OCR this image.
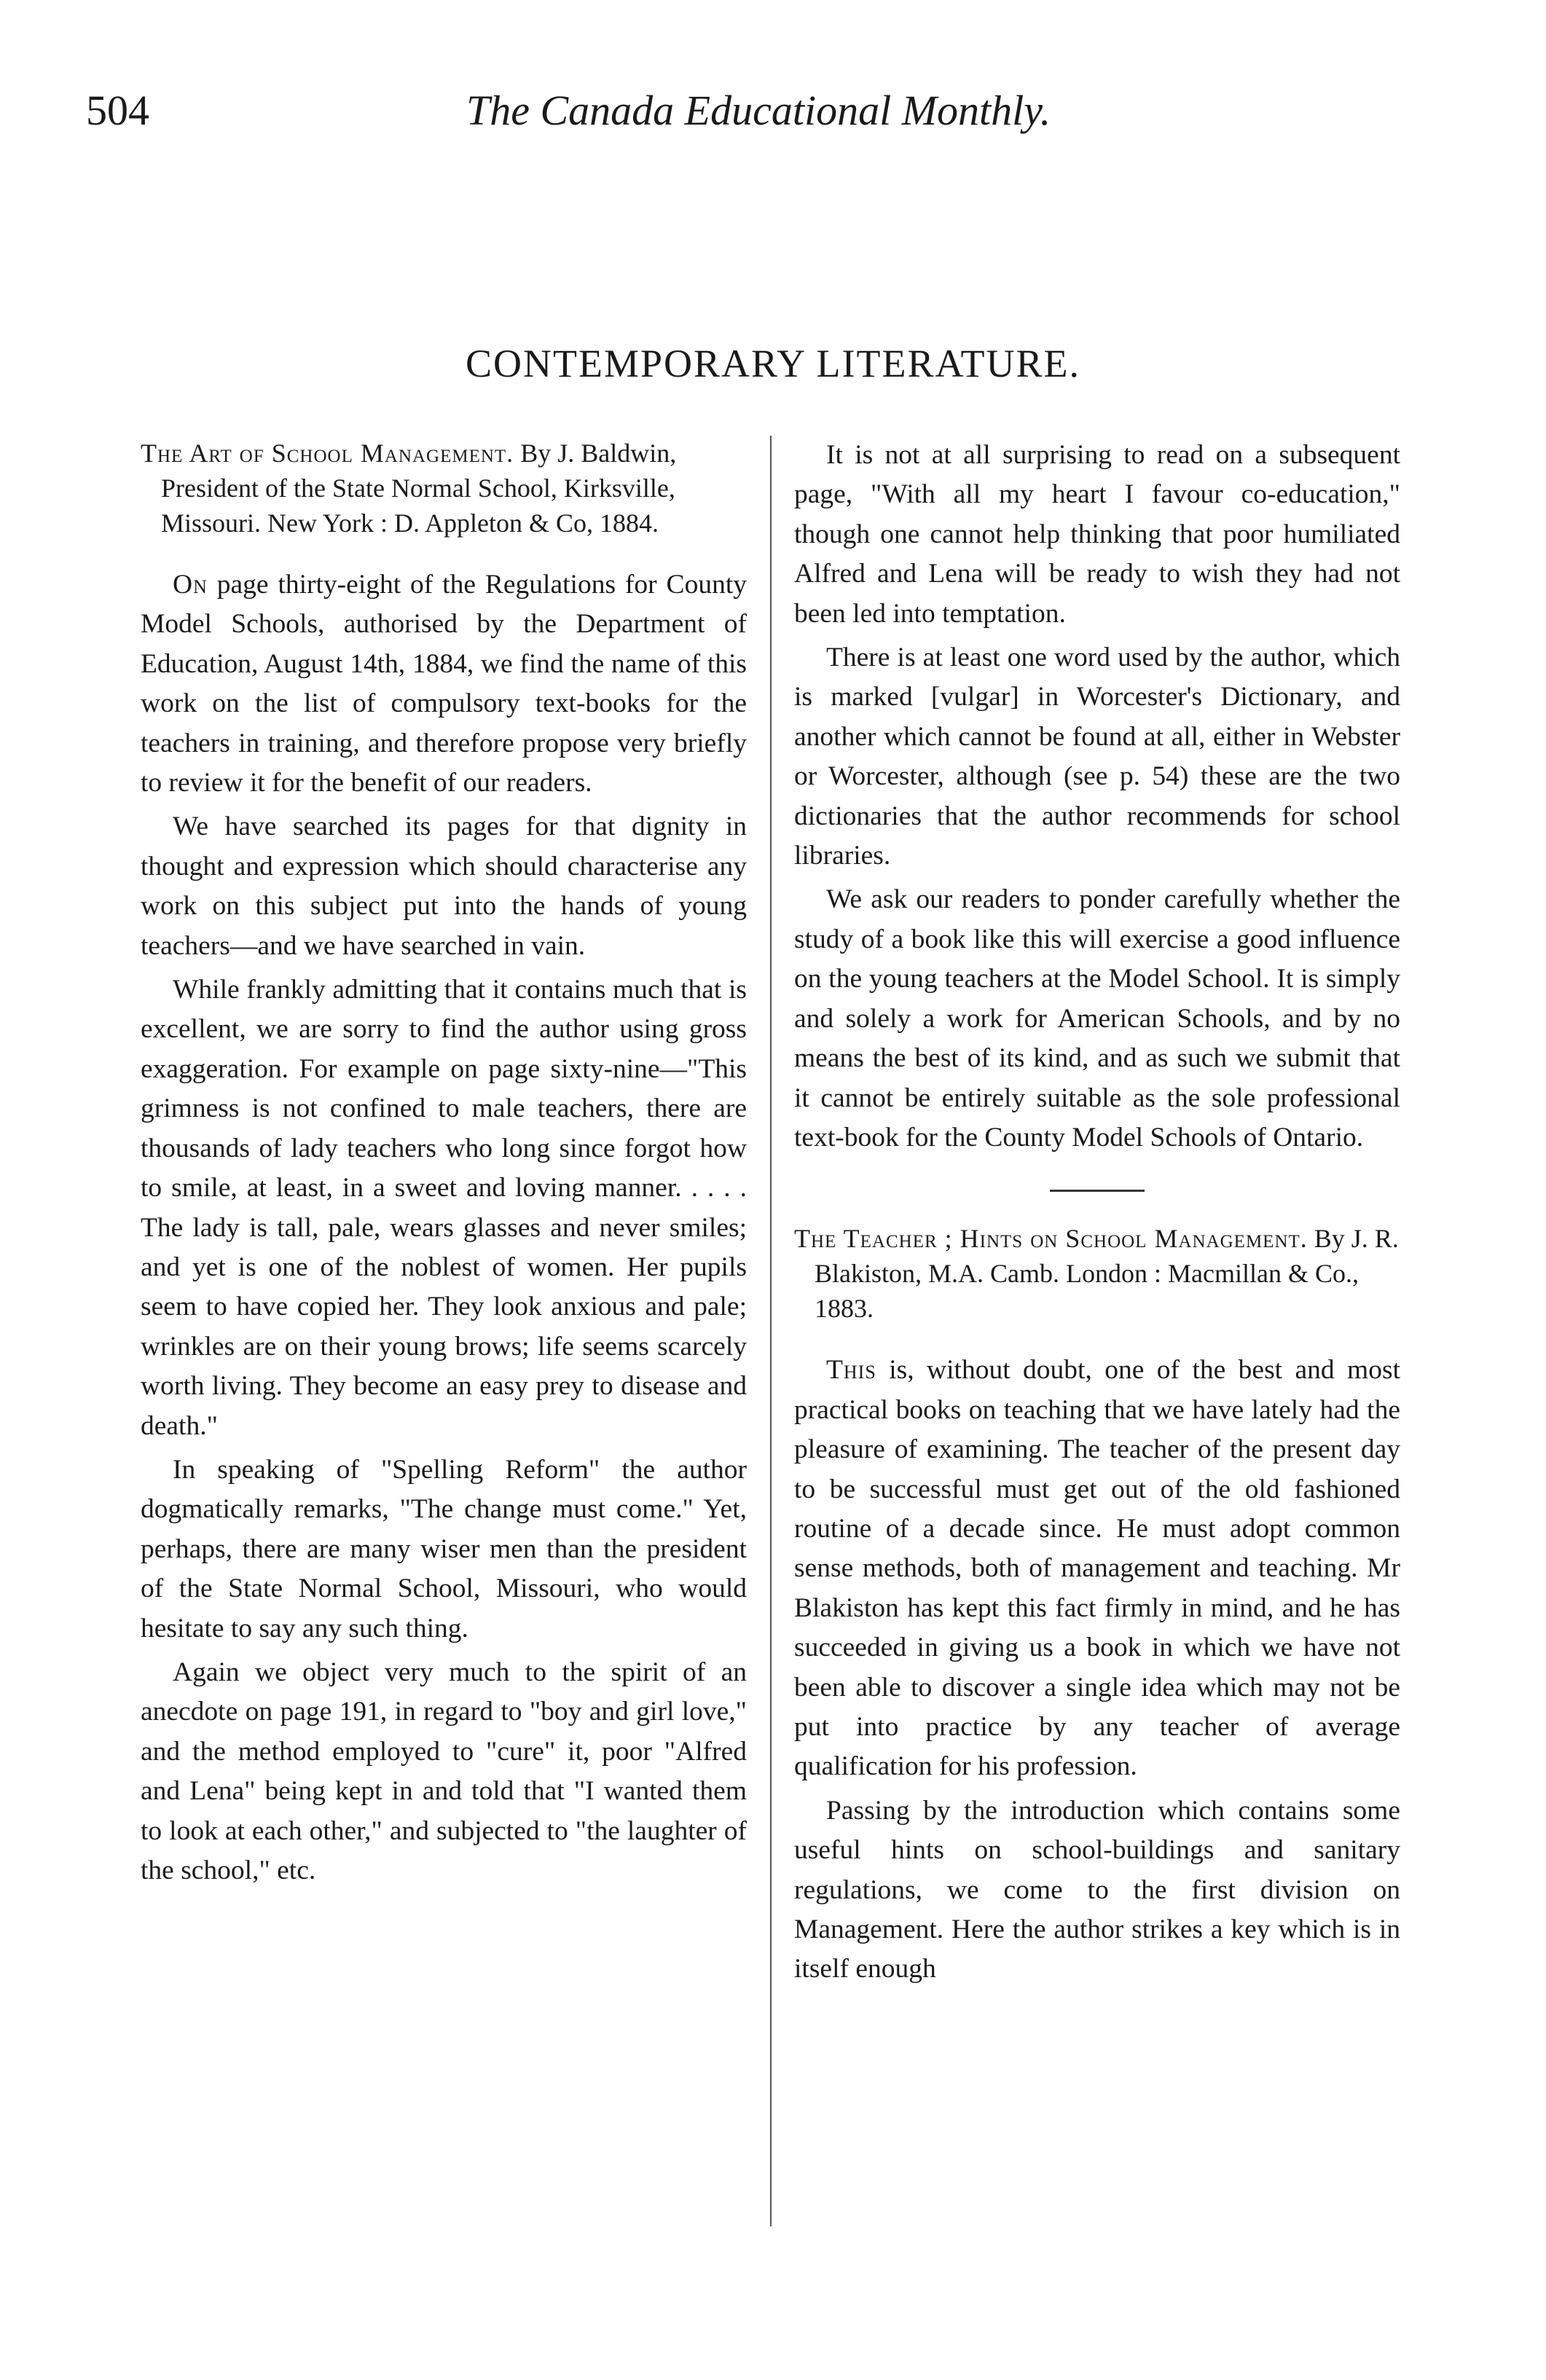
504	The Canada Educational Monthly.
CONTEMPORARY LITERATURE.
The Art of School Management. By J. Baldwin, President of the State Normal School, Kirksville, Missouri. New York : D. Appleton & Co, 1884.

On page thirty-eight of the Regulations for County Model Schools, authorised by the Department of Education, August 14th, 1884, we find the name of this work on the list of compulsory text-books for the teachers in training, and therefore propose very briefly to review it for the benefit of our readers.

We have searched its pages for that dignity in thought and expression which should characterise any work on this subject put into the hands of young teachers—and we have searched in vain.

While frankly admitting that it contains much that is excellent, we are sorry to find the author using gross exaggeration. For example on page sixty-nine—"This grimness is not confined to male teachers, there are thousands of lady teachers who long since forgot how to smile, at least, in a sweet and loving manner. . . . . The lady is tall, pale, wears glasses and never smiles; and yet is one of the noblest of women. Her pupils seem to have copied her. They look anxious and pale; wrinkles are on their young brows; life seems scarcely worth living. They become an easy prey to disease and death."

In speaking of "Spelling Reform" the author dogmatically remarks, "The change must come." Yet, perhaps, there are many wiser men than the president of the State Normal School, Missouri, who would hesitate to say any such thing.

Again we object very much to the spirit of an anecdote on page 191, in regard to "boy and girl love," and the method employed to "cure" it, poor "Alfred and Lena" being kept in and told that "I wanted them to look at each other," and subjected to "the laughter of the school," etc.

It is not at all surprising to read on a subsequent page, "With all my heart I favour co-education," though one cannot help thinking that poor humiliated Alfred and Lena will be ready to wish they had not been led into temptation.

There is at least one word used by the author, which is marked [vulgar] in Worcester's Dictionary, and another which cannot be found at all, either in Webster or Worcester, although (see p. 54) these are the two dictionaries that the author recommends for school libraries.

We ask our readers to ponder carefully whether the study of a book like this will exercise a good influence on the young teachers at the Model School. It is simply and solely a work for American Schools, and by no means the best of its kind, and as such we submit that it cannot be entirely suitable as the sole professional text-book for the County Model Schools of Ontario.

The Teacher ; Hints on School Management. By J. R. Blakiston, M.A. Camb. London : Macmillan & Co., 1883.

This is, without doubt, one of the best and most practical books on teaching that we have lately had the pleasure of examining. The teacher of the present day to be successful must get out of the old fashioned routine of a decade since. He must adopt common sense methods, both of management and teaching. Mr Blakiston has kept this fact firmly in mind, and he has succeeded in giving us a book in which we have not been able to discover a single idea which may not be put into practice by any teacher of average qualification for his profession.

Passing by the introduction which contains some useful hints on school-buildings and sanitary regulations, we come to the first division on Management. Here the author strikes a key which is in itself enough
